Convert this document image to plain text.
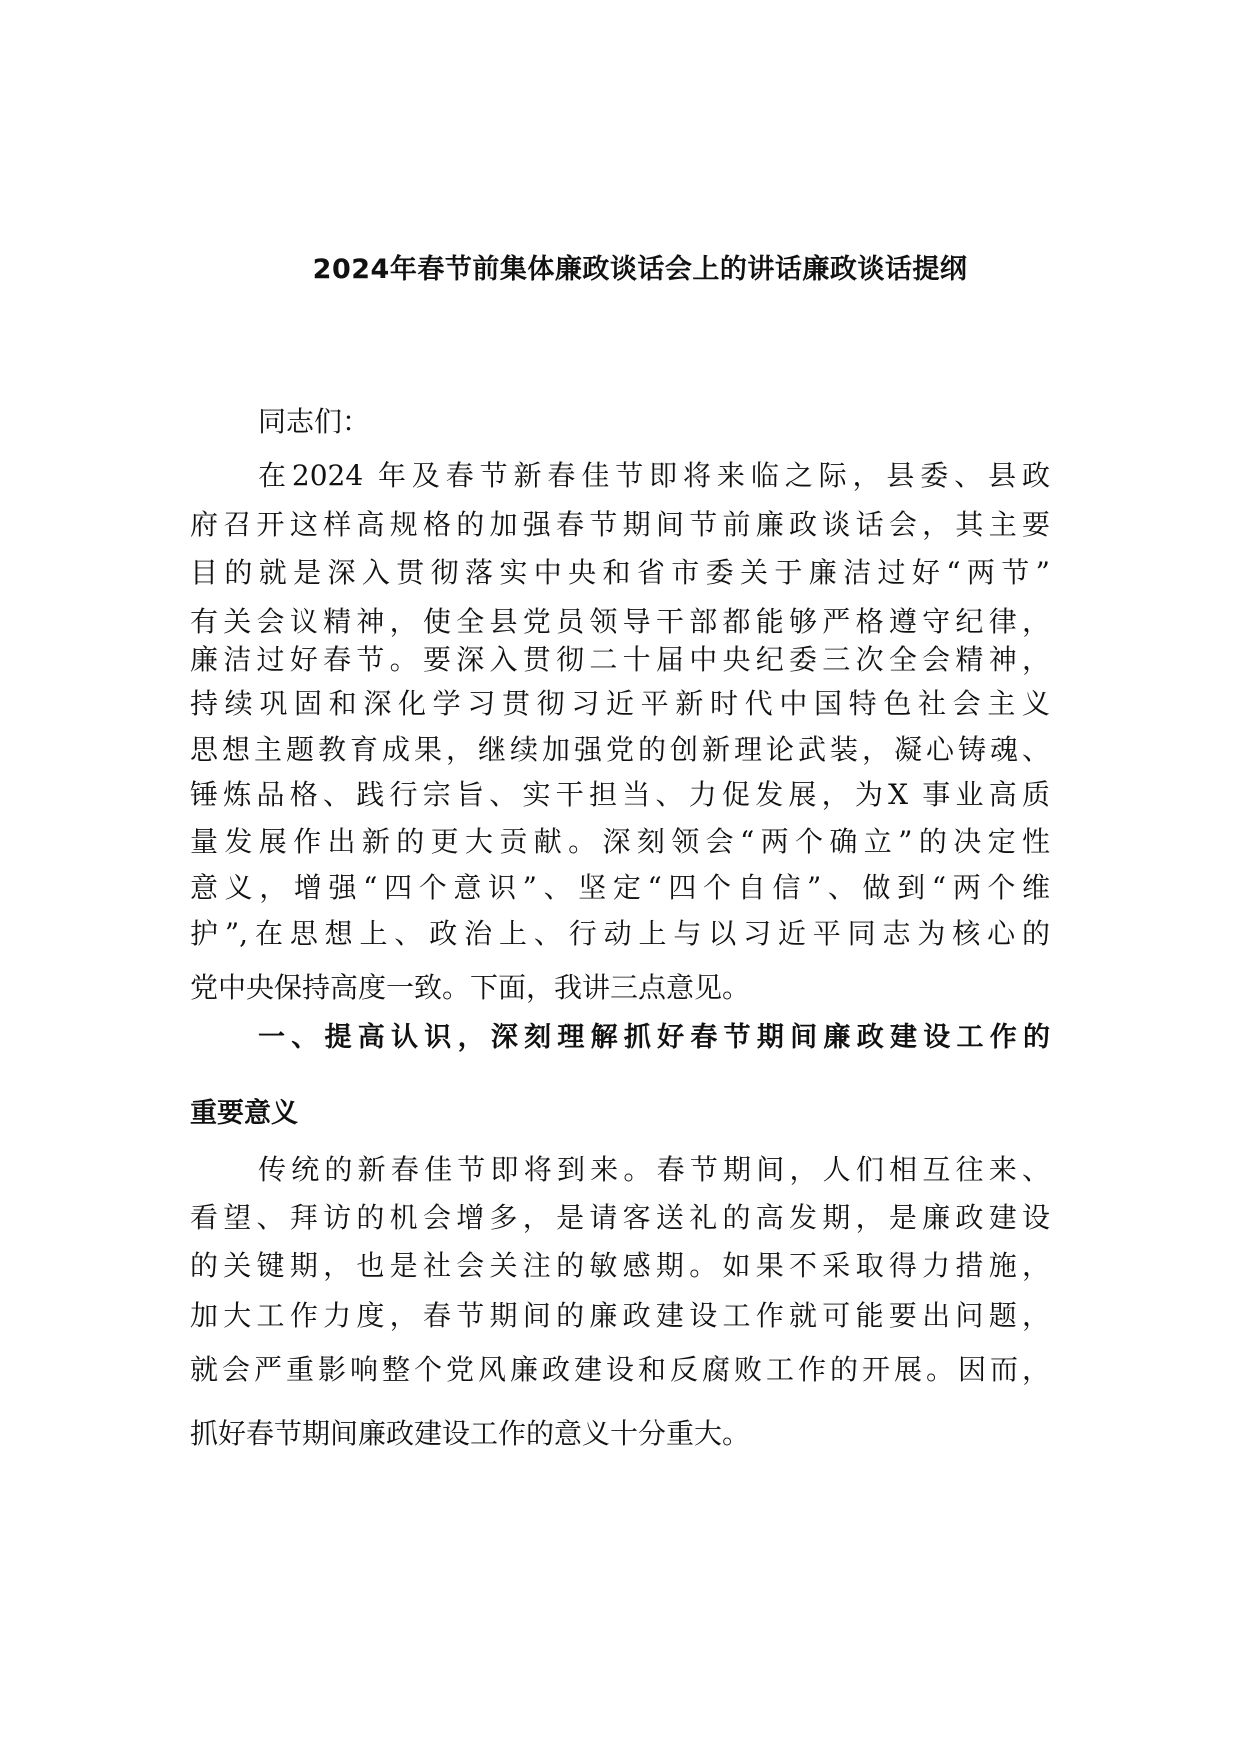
2024年春节前集体廉政谈话会上的讲话廉政谈话提纲
同志们：
在2024 年及春节新春佳节即将来临之际，县委、县政
府召开这样高规格的加强春节期间节前廉政谈话会，其主要
目的就是深入贯彻落实中央和省市委关于廉洁过好“两节”
有关会议精神，使全县党员领导干部都能够严格遵守纪律，
廉洁过好春节。要深入贯彻二十届中央纪委三次全会精神，
持续巩固和深化学习贯彻习近平新时代中国特色社会主义
思想主题教育成果，继续加强党的创新理论武装，凝心铸魂、
锤炼品格、践行宗旨、实干担当、力促发展，为X 事业高质
量发展作出新的更大贡献。深刻领会“两个确立”的决定性
意义，增强“四个意识”、坚定“四个自信”、做到“两个维
护”,在思想上、政治上、行动上与以习近平同志为核心的
党中央保持高度一致。下面，我讲三点意见。
一、提高认识，深刻理解抓好春节期间廉政建设工作的
重要意义
传统的新春佳节即将到来。春节期间，人们相互往来、
看望、拜访的机会增多，是请客送礼的高发期，是廉政建设
的关键期，也是社会关注的敏感期。如果不采取得力措施，
加大工作力度，春节期间的廉政建设工作就可能要出问题，
就会严重影响整个党风廉政建设和反腐败工作的开展。因而，
抓好春节期间廉政建设工作的意义十分重大。
